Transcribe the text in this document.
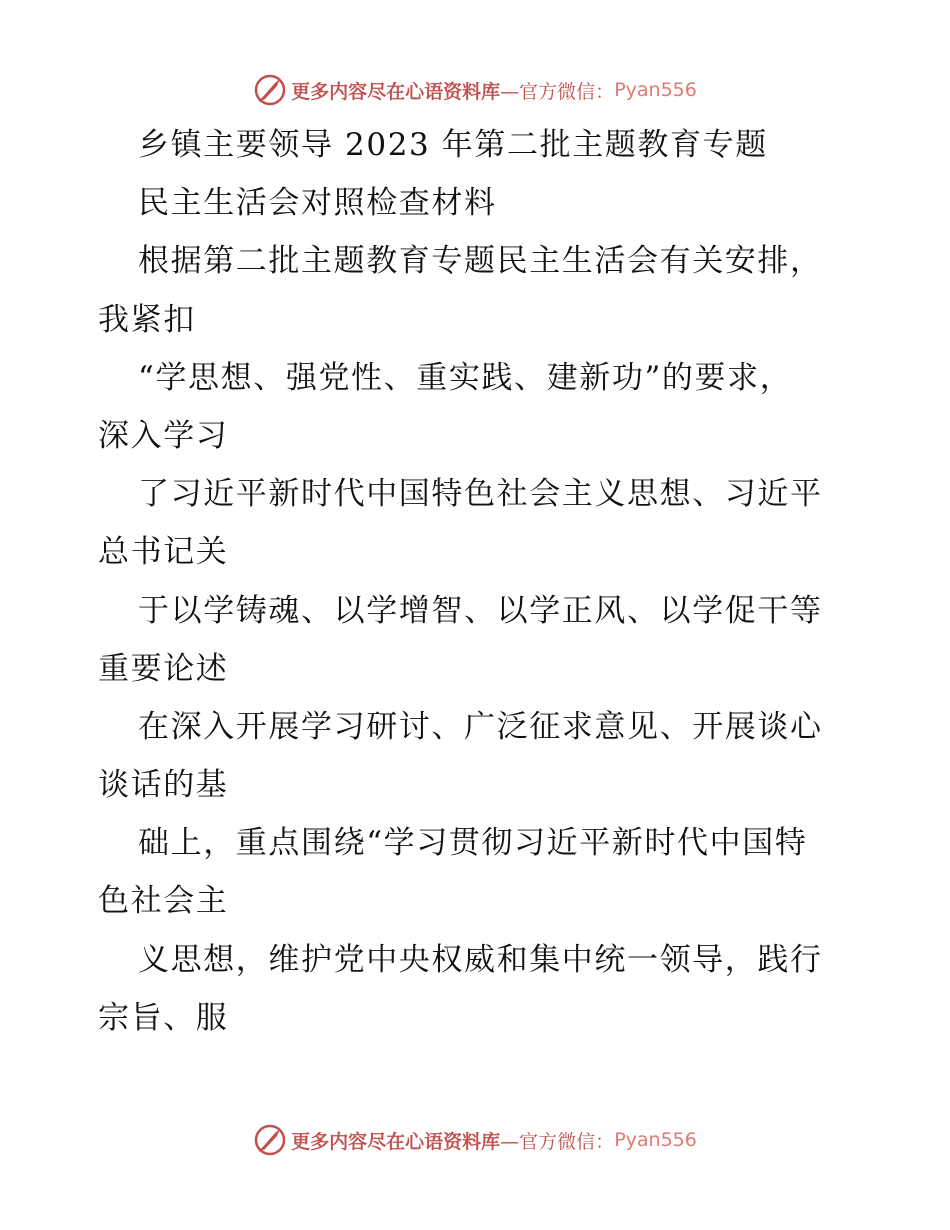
更多内容尽在心语资料库 —官方微信： Pyan556
乡镇主要领导 2023 年第二批主题教育专题
民主生活会对照检查材料
根据第二批主题教育专题民主生活会有关安排，
我紧扣
“学思想、强党性、重实践、建新功”的要求，
深入学习
了习近平新时代中国特色社会主义思想、习近平
总书记关
于以学铸魂、以学增智、以学正风、以学促干等
重要论述
在深入开展学习研讨、广泛征求意见、开展谈心
谈话的基
础上，重点围绕“学习贯彻习近平新时代中国特
色社会主
义思想，维护党中央权威和集中统一领导，践行
宗旨、服
更多内容尽在心语资料库 —官方微信： Pyan556
